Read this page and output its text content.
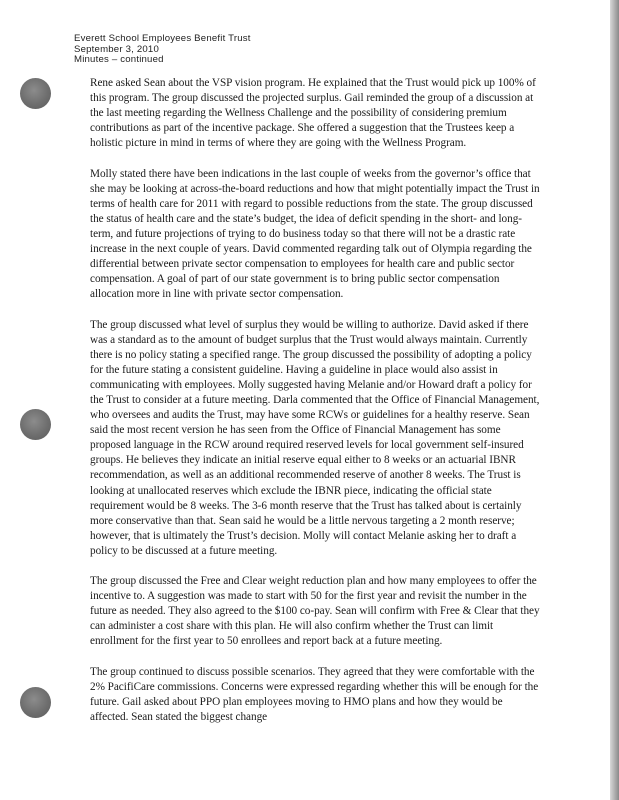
Everett School Employees Benefit Trust
September 3, 2010
Minutes – continued

Rene asked Sean about the VSP vision program. He explained that the Trust would pick up 100% of this program. The group discussed the projected surplus. Gail reminded the group of a discussion at the last meeting regarding the Wellness Challenge and the possibility of considering premium contributions as part of the incentive package. She offered a suggestion that the Trustees keep a holistic picture in mind in terms of where they are going with the Wellness Program.

Molly stated there have been indications in the last couple of weeks from the governor’s office that she may be looking at across-the-board reductions and how that might potentially impact the Trust in terms of health care for 2011 with regard to possible reductions from the state. The group discussed the status of health care and the state’s budget, the idea of deficit spending in the short- and long-term, and future projections of trying to do business today so that there will not be a drastic rate increase in the next couple of years. David commented regarding talk out of Olympia regarding the differential between private sector compensation to employees for health care and public sector compensation. A goal of part of our state government is to bring public sector compensation allocation more in line with private sector compensation.

The group discussed what level of surplus they would be willing to authorize. David asked if there was a standard as to the amount of budget surplus that the Trust would always maintain. Currently there is no policy stating a specified range. The group discussed the possibility of adopting a policy for the future stating a consistent guideline. Having a guideline in place would also assist in communicating with employees. Molly suggested having Melanie and/or Howard draft a policy for the Trust to consider at a future meeting. Darla commented that the Office of Financial Management, who oversees and audits the Trust, may have some RCWs or guidelines for a healthy reserve. Sean said the most recent version he has seen from the Office of Financial Management has some proposed language in the RCW around required reserved levels for local government self-insured groups. He believes they indicate an initial reserve equal either to 8 weeks or an actuarial IBNR recommendation, as well as an additional recommended reserve of another 8 weeks. The Trust is looking at unallocated reserves which exclude the IBNR piece, indicating the official state requirement would be 8 weeks. The 3-6 month reserve that the Trust has talked about is certainly more conservative than that. Sean said he would be a little nervous targeting a 2 month reserve; however, that is ultimately the Trust’s decision. Molly will contact Melanie asking her to draft a policy to be discussed at a future meeting.

The group discussed the Free and Clear weight reduction plan and how many employees to offer the incentive to. A suggestion was made to start with 50 for the first year and revisit the number in the future as needed. They also agreed to the $100 co-pay. Sean will confirm with Free & Clear that they can administer a cost share with this plan. He will also confirm whether the Trust can limit enrollment for the first year to 50 enrollees and report back at a future meeting.

The group continued to discuss possible scenarios. They agreed that they were comfortable with the 2% PacifiCare commissions. Concerns were expressed regarding whether this will be enough for the future. Gail asked about PPO plan employees moving to HMO plans and how they would be affected. Sean stated the biggest change
